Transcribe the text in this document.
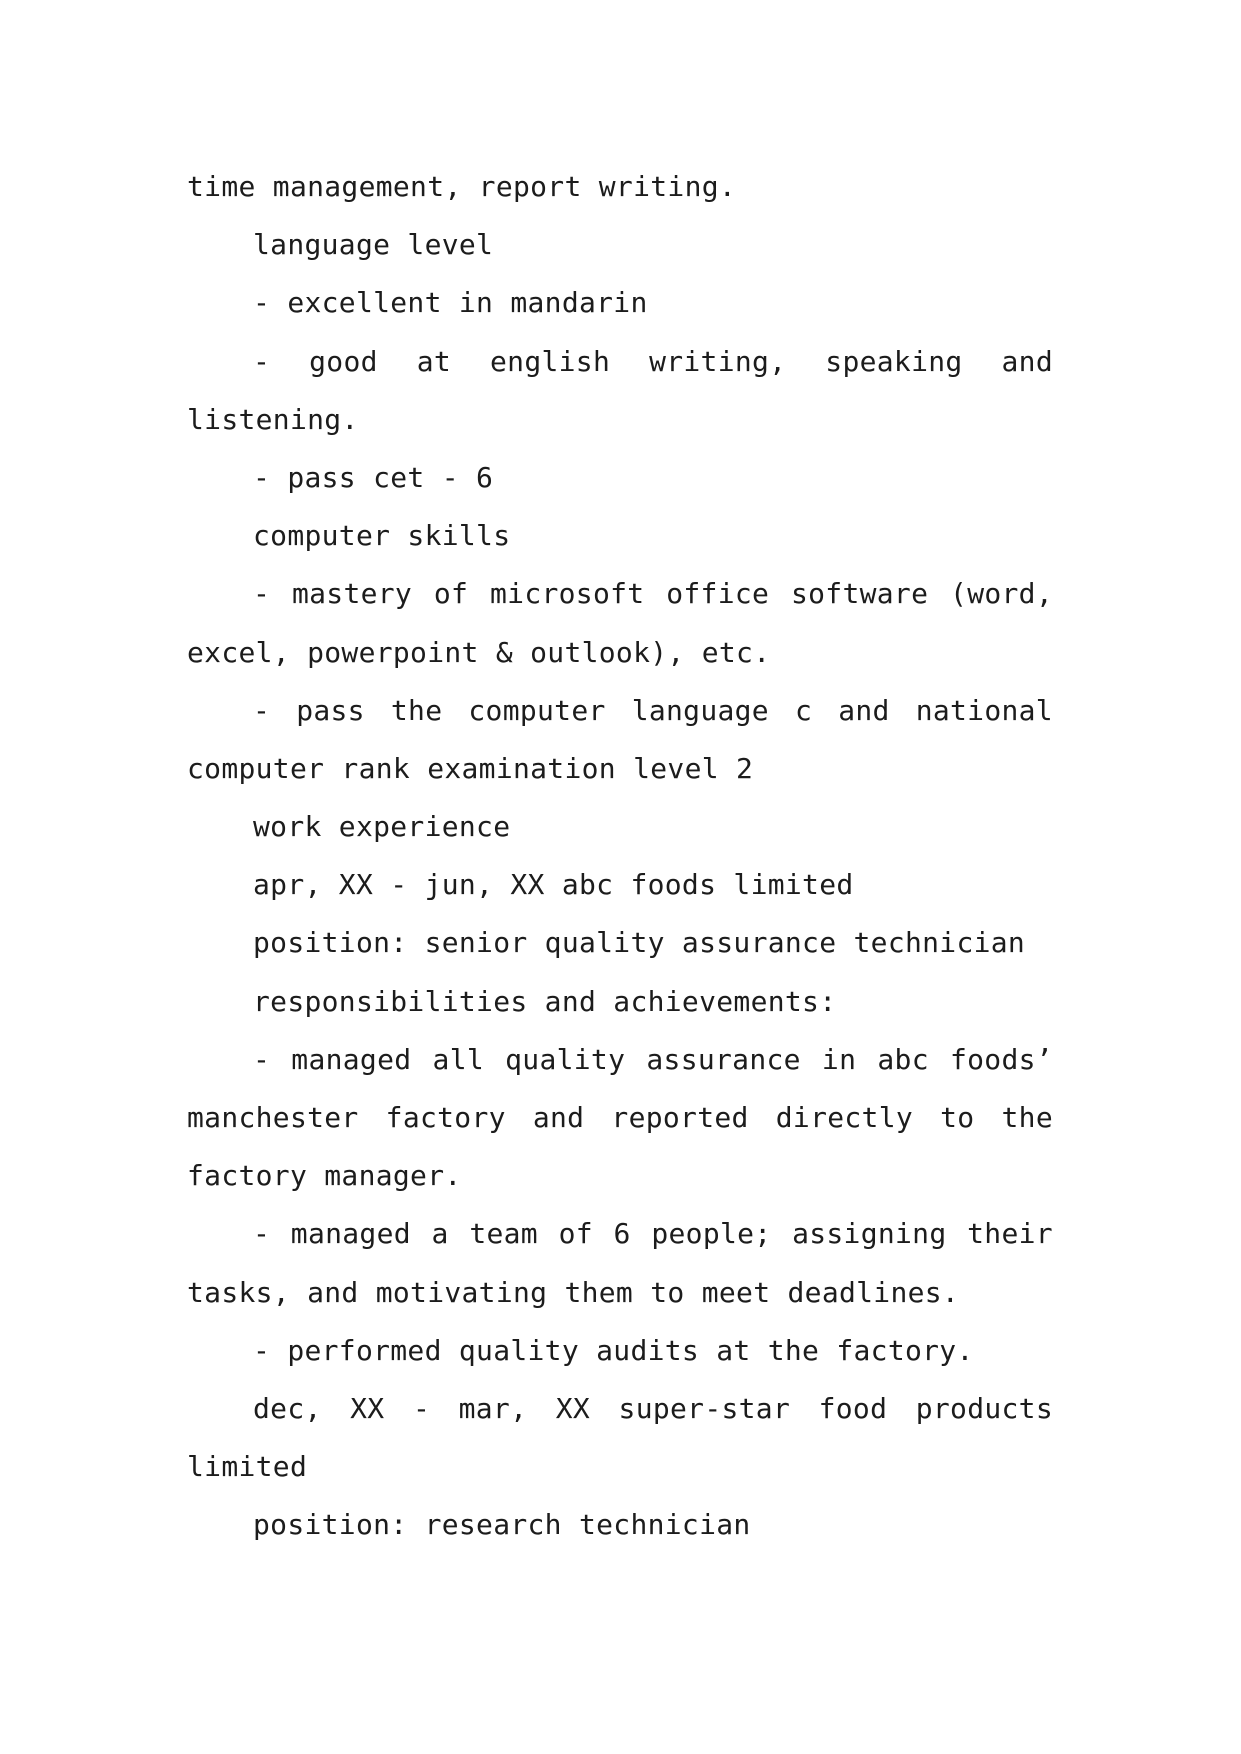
time management, report writing.
language level
- excellent in mandarin
- good at english writing, speaking and
listening.
- pass cet - 6
computer skills
- mastery of microsoft office software (word,
excel, powerpoint & outlook), etc.
- pass the computer language c and national
computer rank examination level 2
work experience
apr, XX - jun, XX abc foods limited
position: senior quality assurance technician
responsibilities and achievements:
- managed all quality assurance in abc foods’
manchester factory and reported directly to the
factory manager.
- managed a team of 6 people; assigning their
tasks, and motivating them to meet deadlines.
- performed quality audits at the factory.
dec, XX - mar, XX super-star food products
limited
position: research technician
